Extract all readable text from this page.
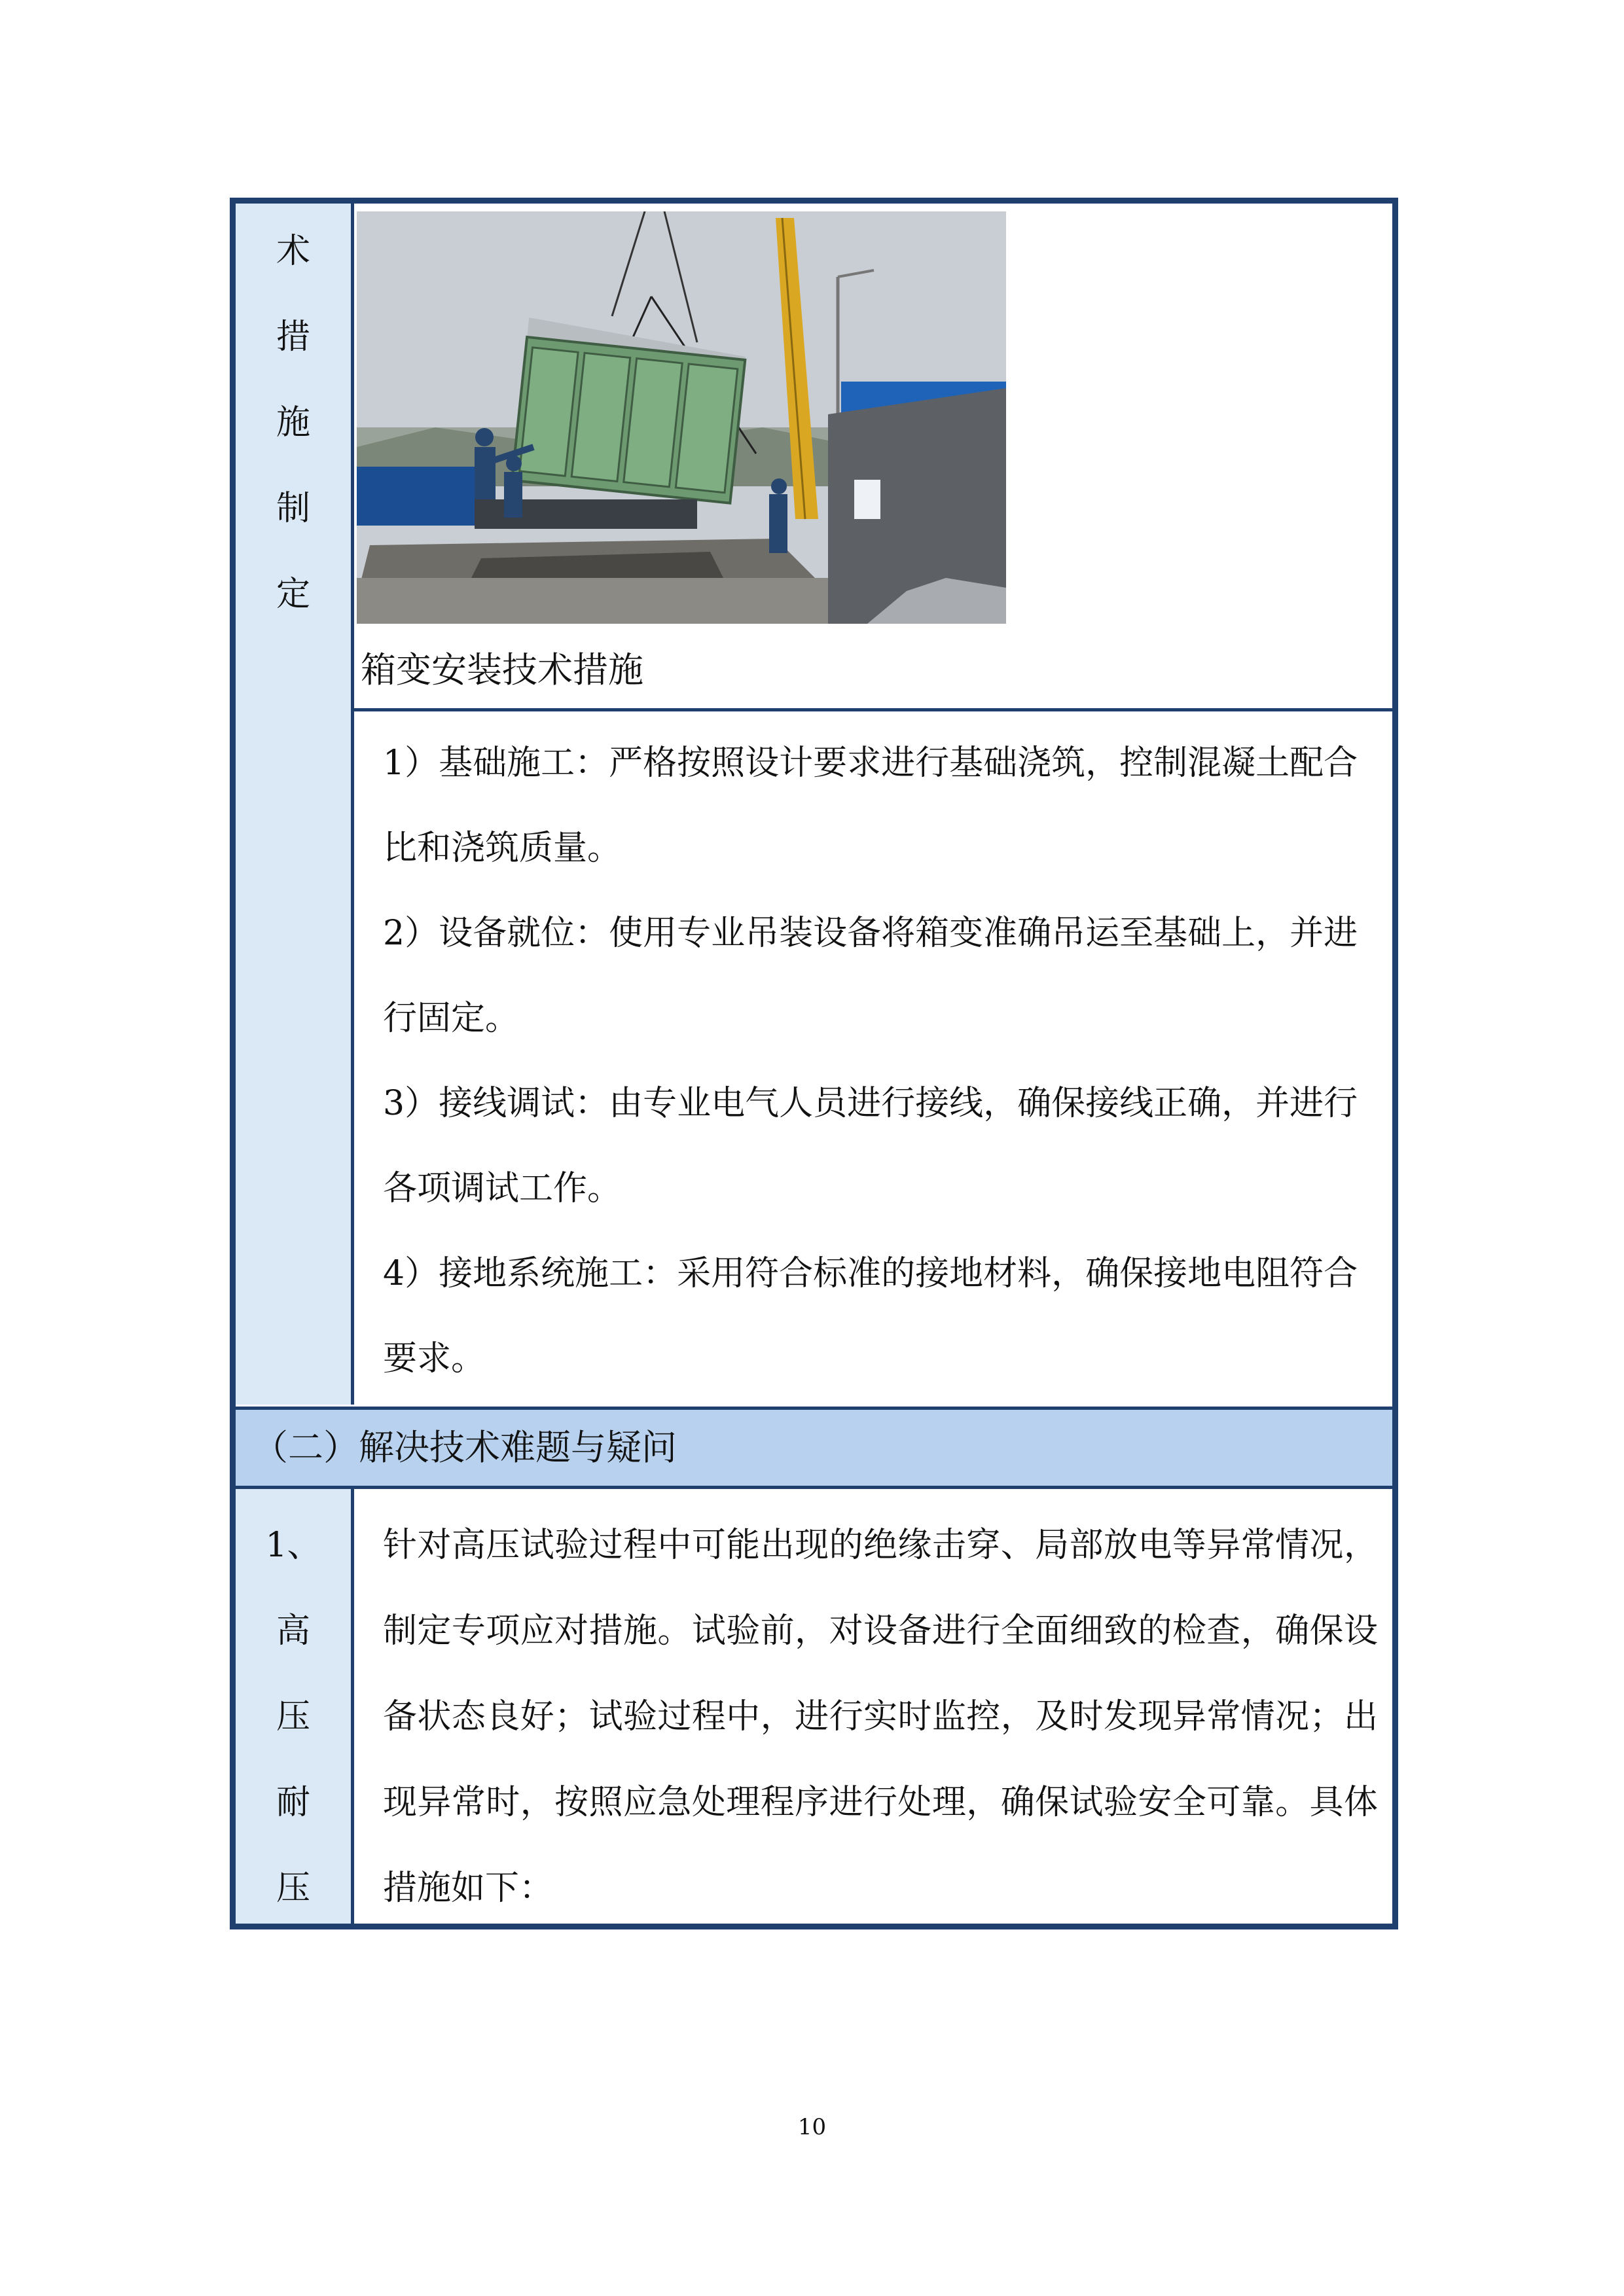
术
措
施
制
定
箱变安装技术措施

1）基础施工：严格按照设计要求进行基础浇筑，控制混凝土配合比和浇筑质量。

2）设备就位：使用专业吊装设备将箱变准确吊运至基础上，并进行固定。

3）接线调试：由专业电气人员进行接线，确保接线正确，并进行各项调试工作。

4）接地系统施工：采用符合标准的接地材料，确保接地电阻符合要求。

（二）解决技术难题与疑问
1、
高
压
耐
压

针对高压试验过程中可能出现的绝缘击穿、局部放电等异常情况，制定专项应对措施。试验前，对设备进行全面细致的检查，确保设备状态良好；试验过程中，进行实时监控，及时发现异常情况；出现异常时，按照应急处理程序进行处理，确保试验安全可靠。具体措施如下：

10
